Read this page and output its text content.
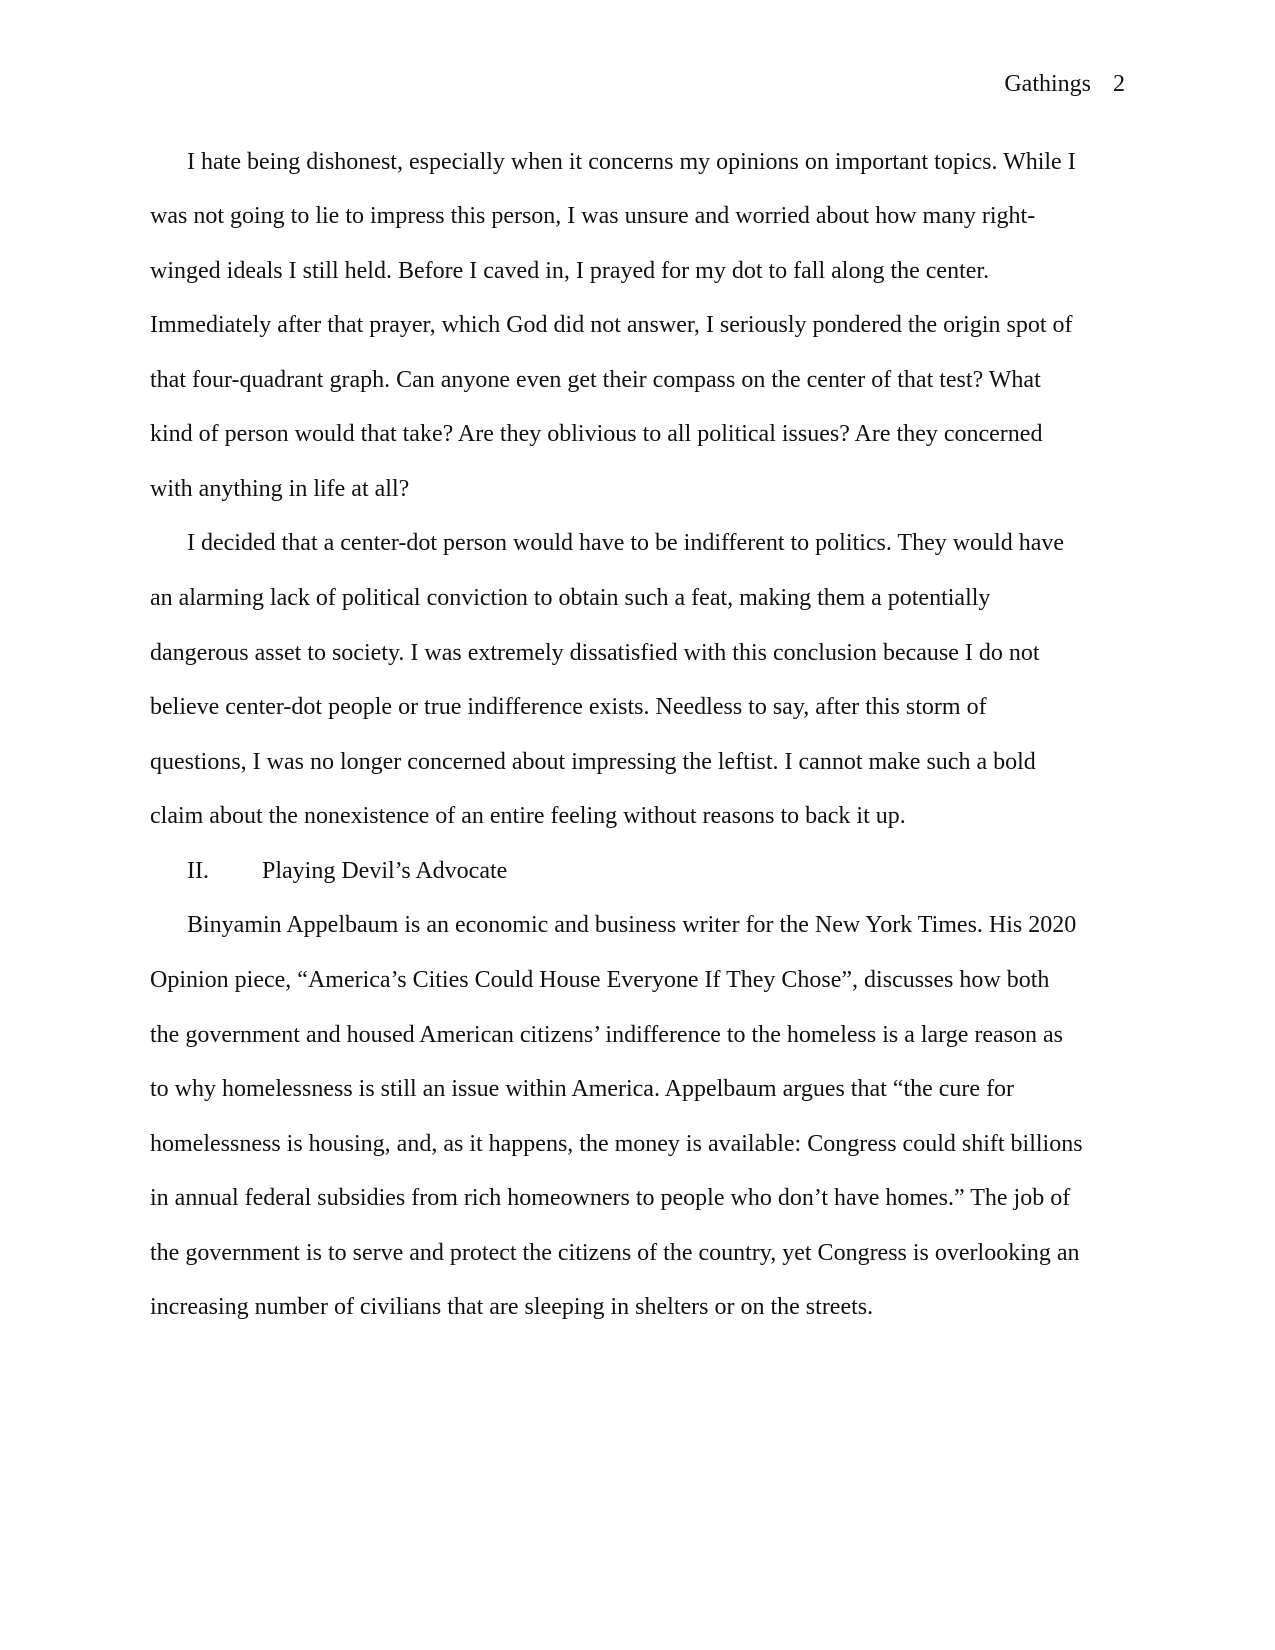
Gathings 2
I hate being dishonest, especially when it concerns my opinions on important topics. While I
was not going to lie to impress this person, I was unsure and worried about how many right-
winged ideals I still held. Before I caved in, I prayed for my dot to fall along the center.
Immediately after that prayer, which God did not answer, I seriously pondered the origin spot of
that four-quadrant graph. Can anyone even get their compass on the center of that test? What
kind of person would that take? Are they oblivious to all political issues? Are they concerned
with anything in life at all?
I decided that a center-dot person would have to be indifferent to politics. They would have
an alarming lack of political conviction to obtain such a feat, making them a potentially
dangerous asset to society. I was extremely dissatisfied with this conclusion because I do not
believe center-dot people or true indifference exists. Needless to say, after this storm of
questions, I was no longer concerned about impressing the leftist. I cannot make such a bold
claim about the nonexistence of an entire feeling without reasons to back it up.
II. Playing Devil’s Advocate
Binyamin Appelbaum is an economic and business writer for the New York Times. His 2020
Opinion piece, “America’s Cities Could House Everyone If They Chose”, discusses how both
the government and housed American citizens’ indifference to the homeless is a large reason as
to why homelessness is still an issue within America. Appelbaum argues that “the cure for
homelessness is housing, and, as it happens, the money is available: Congress could shift billions
in annual federal subsidies from rich homeowners to people who don’t have homes.” The job of
the government is to serve and protect the citizens of the country, yet Congress is overlooking an
increasing number of civilians that are sleeping in shelters or on the streets.
